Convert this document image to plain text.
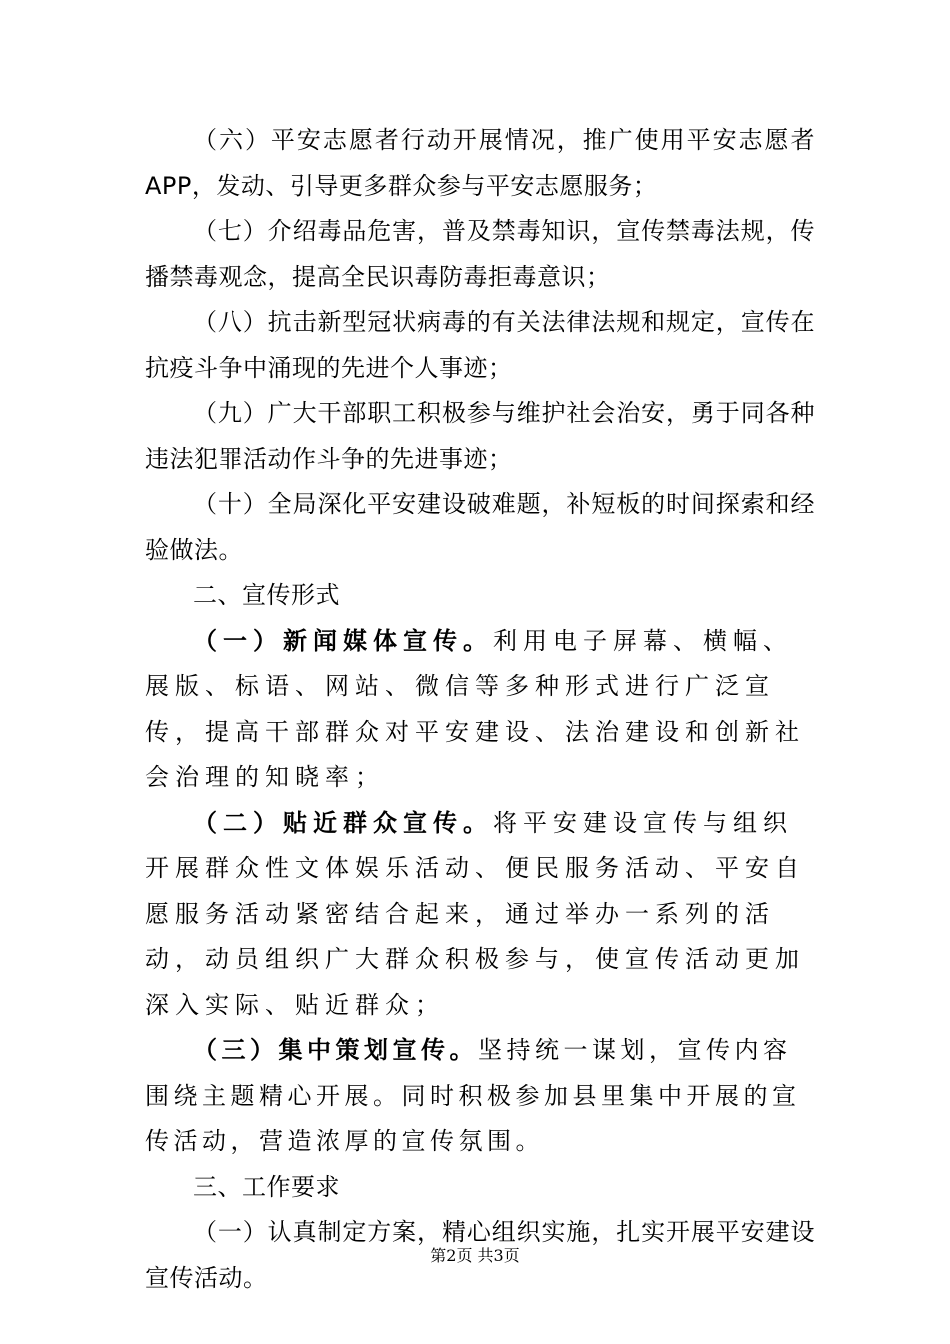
（六）平安志愿者行动开展情况，推广使用平安志愿者APP，发动、引导更多群众参与平安志愿服务；

（七）介绍毒品危害，普及禁毒知识，宣传禁毒法规，传播禁毒观念，提高全民识毒防毒拒毒意识；

（八）抗击新型冠状病毒的有关法律法规和规定，宣传在抗疫斗争中涌现的先进个人事迹；

（九）广大干部职工积极参与维护社会治安，勇于同各种违法犯罪活动作斗争的先进事迹；

（十）全局深化平安建设破难题，补短板的时间探索和经验做法。

二、宣传形式

（一）新闻媒体宣传。利用电子屏幕、横幅、展版、标语、网站、微信等多种形式进行广泛宣传，提高干部群众对平安建设、法治建设和创新社会治理的知晓率；

（二）贴近群众宣传。将平安建设宣传与组织开展群众性文体娱乐活动、便民服务活动、平安自愿服务活动紧密结合起来，通过举办一系列的活动，动员组织广大群众积极参与，使宣传活动更加深入实际、贴近群众；

（三）集中策划宣传。坚持统一谋划，宣传内容围绕主题精心开展。同时积极参加县里集中开展的宣传活动，营造浓厚的宣传氛围。

三、工作要求

（一）认真制定方案，精心组织实施，扎实开展平安建设宣传活动。

第2页 共3页
